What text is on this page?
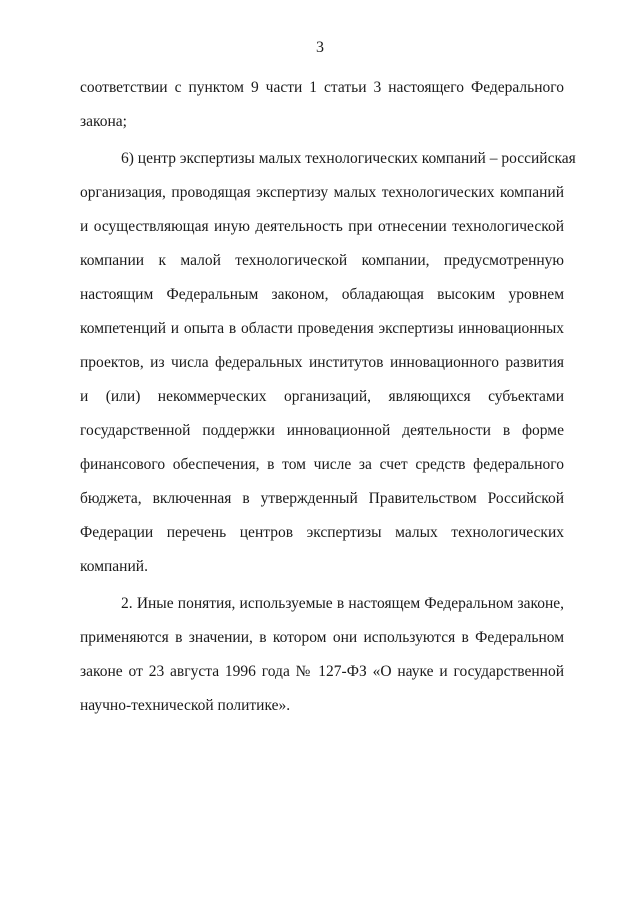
3
соответствии с пунктом 9 части 1 статьи 3 настоящего Федерального
закона;
6) центр экспертизы малых технологических компаний – российская
организация, проводящая экспертизу малых технологических компаний
и осуществляющая иную деятельность при отнесении технологической
компании к малой технологической компании, предусмотренную
настоящим Федеральным законом, обладающая высоким уровнем
компетенций и опыта в области проведения экспертизы инновационных
проектов, из числа федеральных институтов инновационного развития
и (или) некоммерческих организаций, являющихся субъектами
государственной поддержки инновационной деятельности в форме
финансового обеспечения, в том числе за счет средств федерального
бюджета, включенная в утвержденный Правительством Российской
Федерации перечень центров экспертизы малых технологических
компаний.
2. Иные понятия, используемые в настоящем Федеральном законе,
применяются в значении, в котором они используются в Федеральном
законе от 23 августа 1996 года № 127-ФЗ «О науке и государственной
научно-технической политике».
